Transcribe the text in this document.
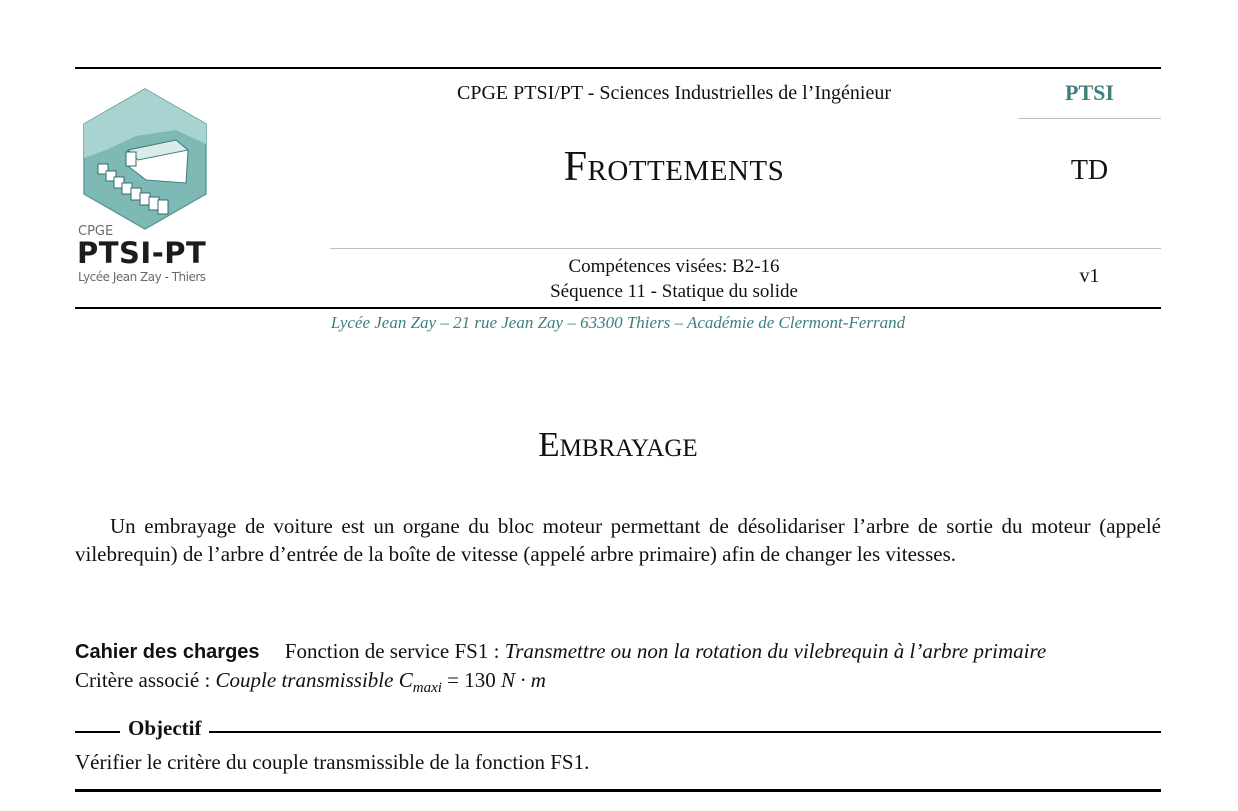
CPGE
PTSI-PT
Lycée Jean Zay - Thiers
CPGE PTSI/PT - Sciences Industrielles de l’Ingénieur	PTSI
Frottements	TD
Compétences visées: B2-16
Séquence 11 - Statique du solide
v1
Lycée Jean Zay – 21 rue Jean Zay – 63300 Thiers – Académie de Clermont-Ferrand
Embrayage
Un embrayage de voiture est un organe du bloc moteur permettant de désolidariser l’arbre de sortie du moteur (appelé vilebrequin) de l’arbre d’entrée de la boîte de vitesse (appelé arbre primaire) afin de changer les vitesses.
Cahier des charges Fonction de service FS1 : Transmettre ou non la rotation du vilebrequin à l’arbre primaire
Critère associé : Couple transmissible $C_{maxi} = 130$ N · m
Objectif
Vérifier le critère du couple transmissible de la fonction FS1.
